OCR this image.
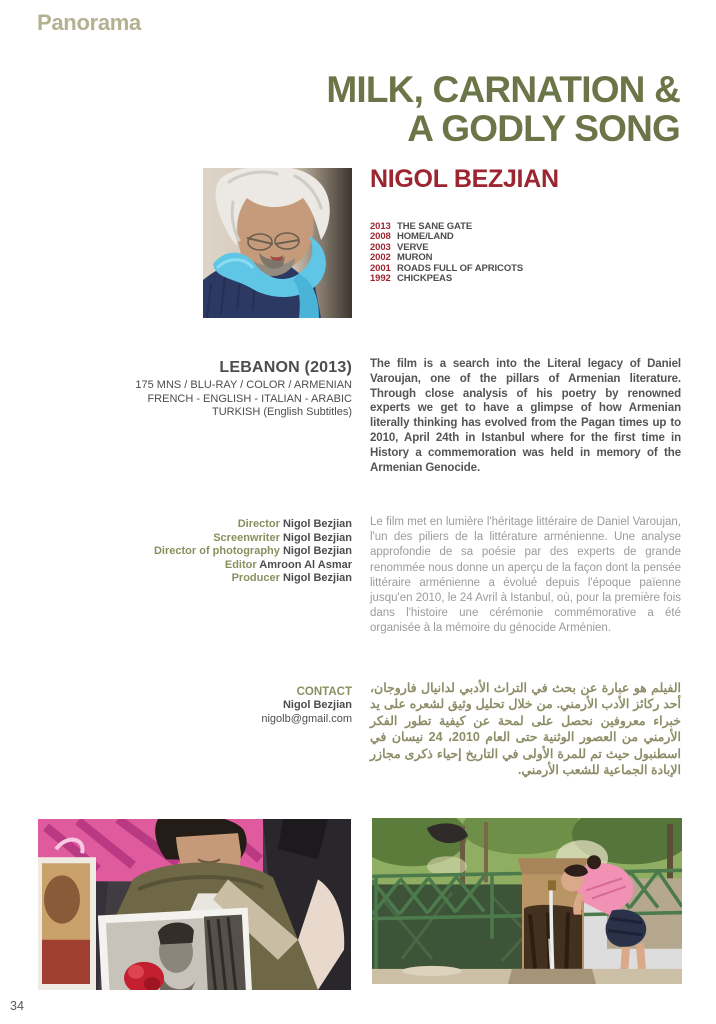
Panorama
MILK, CARNATION &
A GODLY SONG
NIGOL BEZJIAN
2013 THE SANE GATE
2008 HOME/LAND
2003 VERVE
2002 MURON
2001 ROADS FULL OF APRICOTS
1992 CHICKPEAS
LEBANON (2013)
175 MNS / BLU-RAY / COLOR / ARMENIAN
FRENCH - ENGLISH - ITALIAN - ARABIC
TURKISH (English Subtitles)
The film is a search into the Literal legacy of Daniel Varoujan, one of the pillars of Armenian literature. Through close analysis of his poetry by renowned experts we get to have a glimpse of how Armenian literally thinking has evolved from the Pagan times up to 2010, April 24th in Istanbul where for the first time in History a commemoration was held in memory of the Armenian Genocide.
Director Nigol Bezjian
Screenwriter Nigol Bezjian
Director of photography Nigol Bezjian
Editor Amroon Al Asmar
Producer Nigol Bezjian
Le film met en lumière l'héritage littéraire de Daniel Varoujan, l'un des piliers de la littérature arménienne. Une analyse approfondie de sa poésie par des experts de grande renommée nous donne un aperçu de la façon dont la pensée littéraire arménienne a évolué depuis l'époque païenne jusqu'en 2010, le 24 Avril à Istanbul, où, pour la première fois dans l'histoire une cérémonie commémorative a été organisée à la mémoire du génocide Arménien.
CONTACT
Nigol Bezjian
nigolb@gmail.com
الفيلم هو عبارة عن بحث في التراث الأدبي لدانيال فاروجان، أحد ركائز الأدب الأرمني. من خلال تحليل وثيق لشعره على يد خبراء معروفين نحصل على لمحة عن كيفية تطور الفكر الأرمني من العصور الوثنية حتى العام 2010، 24 نيسان في اسطنبول حيث تم للمرة الأولى في التاريخ إحياء ذكرى مجازر الإبادة الجماعية للشعب الأرمني.
34
